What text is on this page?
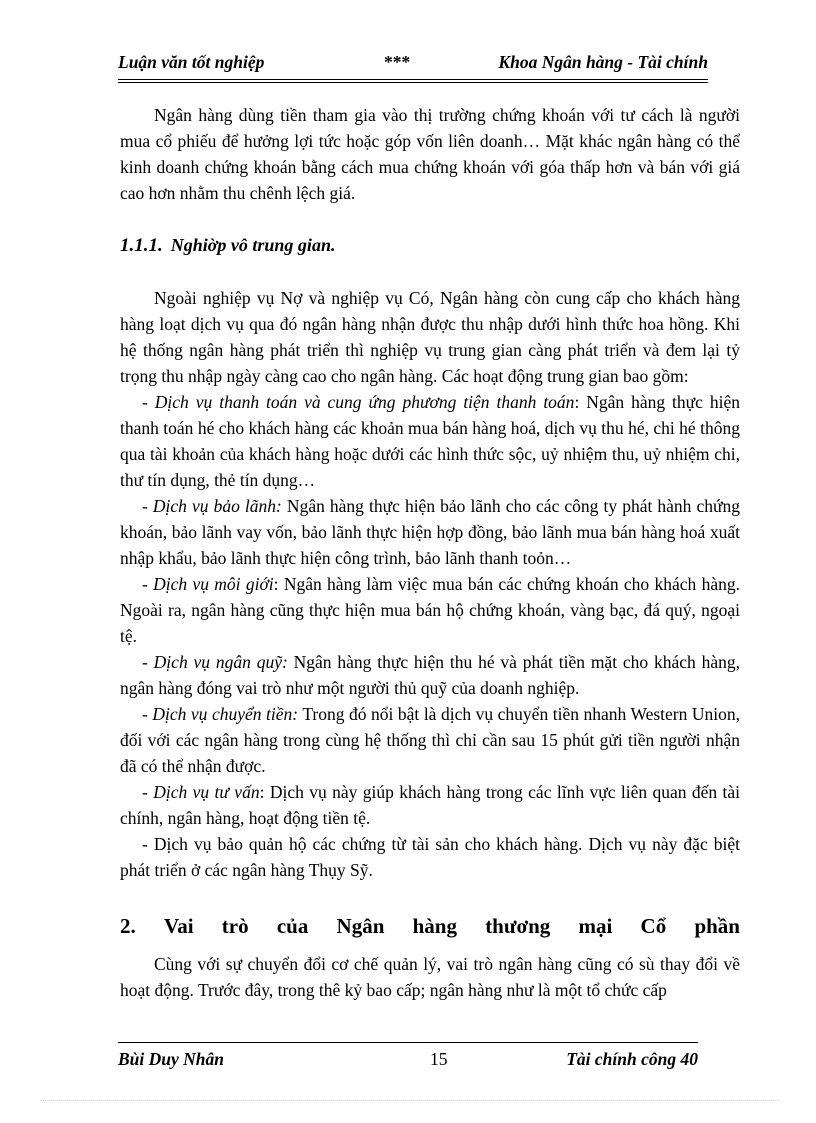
Luận văn tốt nghiệp	***	Khoa Ngân hàng - Tài chính

Ngân hàng dùng tiền tham gia vào thị trường chứng khoán với tư cách là người mua cổ phiếu để hưởng lợi tức hoặc góp vốn liên doanh… Mặt khác ngân hàng có thể kinh doanh chứng khoán bằng cách mua chứng khoán với góa thấp hơn và bán với giá cao hơn nhằm thu chênh lệch giá.

1.1.1. Nghiờp vô trung gian.

Ngoài nghiệp vụ Nợ và nghiệp vụ Có, Ngân hàng còn cung cấp cho khách hàng hàng loạt dịch vụ qua đó ngân hàng nhận được thu nhập dưới hình thức hoa hồng. Khi hệ thống ngân hàng phát triển thì nghiệp vụ trung gian càng phát triển và đem lại tỷ trọng thu nhập ngày càng cao cho ngân hàng. Các hoạt động trung gian bao gồm:

- Dịch vụ thanh toán và cung ứng phương tiện thanh toán: Ngân hàng thực hiện thanh toán hé cho khách hàng các khoản mua bán hàng hoá, dịch vụ thu hé, chi hé thông qua tài khoản của khách hàng hoặc dưới các hình thức sộc, uỷ nhiệm thu, uỷ nhiệm chi, thư tín dụng, thẻ tín dụng…

- Dịch vụ bảo lãnh: Ngân hàng thực hiện bảo lãnh cho các công ty phát hành chứng khoán, bảo lãnh vay vốn, bảo lãnh thực hiện hợp đồng, bảo lãnh mua bán hàng hoá xuất nhập khẩu, bảo lãnh thực hiện công trình, bảo lãnh thanh toỏn…

- Dịch vụ môi giới: Ngân hàng làm việc mua bán các chứng khoán cho khách hàng. Ngoài ra, ngân hàng cũng thực hiện mua bán hộ chứng khoán, vàng bạc, đá quý, ngoại tệ.

- Dịch vụ ngân quỹ: Ngân hàng thực hiện thu hé và phát tiền mặt cho khách hàng, ngân hàng đóng vai trò như một người thủ quỹ của doanh nghiệp.

- Dịch vụ chuyển tiền: Trong đó nổi bật là dịch vụ chuyển tiền nhanh Western Union, đối với các ngân hàng trong cùng hệ thống thì chỉ cần sau 15 phút gửi tiền người nhận đã có thể nhận được.

- Dịch vụ tư vấn: Dịch vụ này giúp khách hàng trong các lĩnh vực liên quan đến tài chính, ngân hàng, hoạt động tiền tệ.

- Dịch vụ bảo quản hộ các chứng từ tài sản cho khách hàng. Dịch vụ này đặc biệt phát triển ở các ngân hàng Thụy Sỹ.

2. Vai trò của Ngân hàng thương mại Cổ phần

Cùng với sự chuyển đổi cơ chế quản lý, vai trò ngân hàng cũng có sù thay đổi về hoạt động. Trước đây, trong thê kỷ bao cấp; ngân hàng như là một tổ chức cấp

Bùi Duy Nhân	15	Tài chính công 40
